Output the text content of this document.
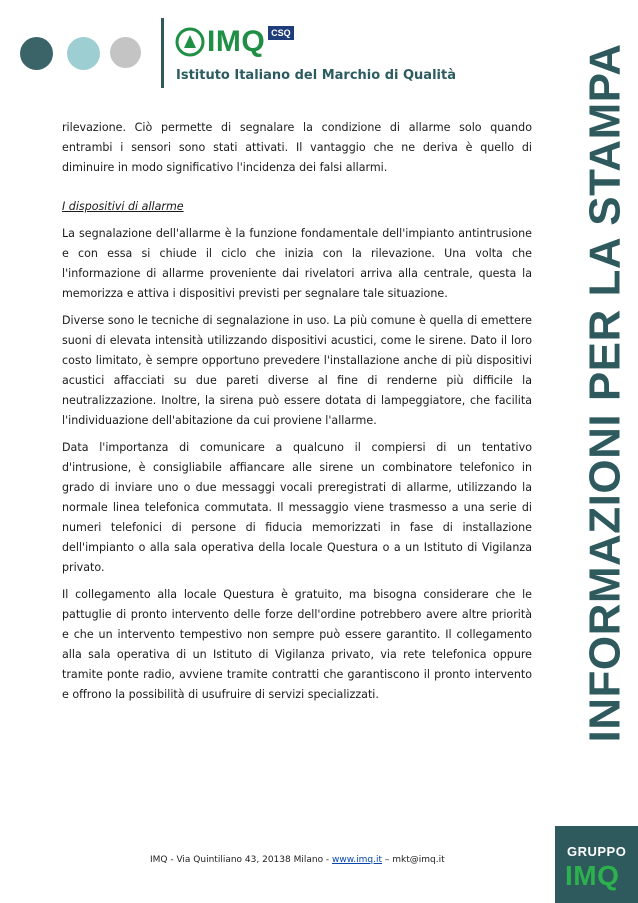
IMQ CSQ
Istituto Italiano del Marchio di Qualità

rilevazione. Ciò permette di segnalare la condizione di allarme solo quando entrambi i sensori sono stati attivati. Il vantaggio che ne deriva è quello di diminuire in modo significativo l'incidenza dei falsi allarmi.

I dispositivi di allarme

La segnalazione dell'allarme è la funzione fondamentale dell'impianto antintrusione e con essa si chiude il ciclo che inizia con la rilevazione. Una volta che l'informazione di allarme proveniente dai rivelatori arriva alla centrale, questa la memorizza e attiva i dispositivi previsti per segnalare tale situazione.

Diverse sono le tecniche di segnalazione in uso. La più comune è quella di emettere suoni di elevata intensità utilizzando dispositivi acustici, come le sirene. Dato il loro costo limitato, è sempre opportuno prevedere l'installazione anche di più dispositivi acustici affacciati su due pareti diverse al fine di renderne più difficile la neutralizzazione. Inoltre, la sirena può essere dotata di lampeggiatore, che facilita l'individuazione dell'abitazione da cui proviene l'allarme.

Data l'importanza di comunicare a qualcuno il compiersi di un tentativo d'intrusione, è consigliabile affiancare alle sirene un combinatore telefonico in grado di inviare uno o due messaggi vocali preregistrati di allarme, utilizzando la normale linea telefonica commutata. Il messaggio viene trasmesso a una serie di numeri telefonici di persone di fiducia memorizzati in fase di installazione dell'impianto o alla sala operativa della locale Questura o a un Istituto di Vigilanza privato.

Il collegamento alla locale Questura è gratuito, ma bisogna considerare che le pattuglie di pronto intervento delle forze dell'ordine potrebbero avere altre priorità e che un intervento tempestivo non sempre può essere garantito. Il collegamento alla sala operativa di un Istituto di Vigilanza privato, via rete telefonica oppure tramite ponte radio, avviene tramite contratti che garantiscono il pronto intervento e offrono la possibilità di usufruire di servizi specializzati.	INFORMAZIONI PER LA STAMPA
GRUPPO
IMQ
IMQ - Via Quintiliano 43, 20138 Milano - www.imq.it – mkt@imq.it
